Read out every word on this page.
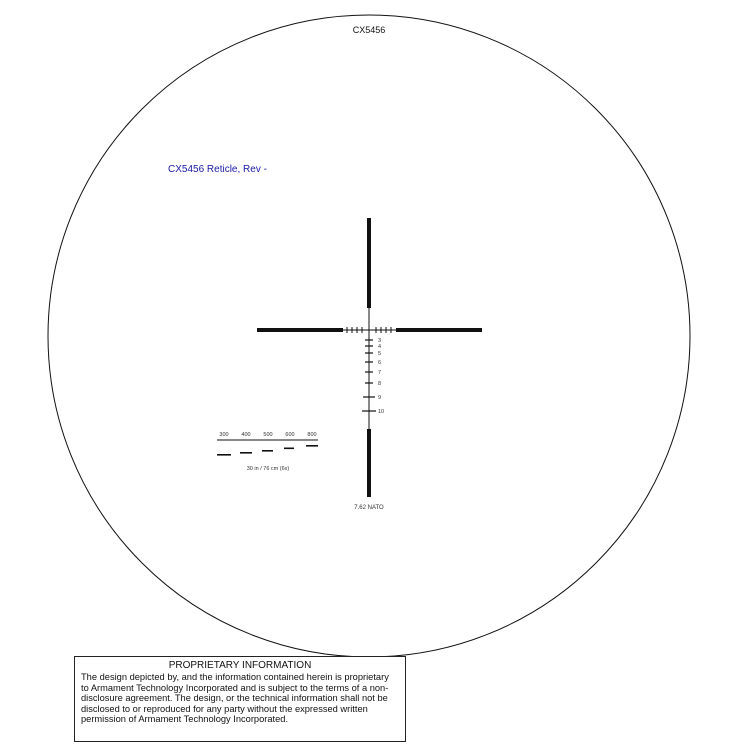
CX5456
CX5456 Reticle, Rev -
3
4
5
6
7
8
9
10
7.62 NATO
300 400 500 600 800
30 in / 76 cm (6x)
PROPRIETARY INFORMATION
The design depicted by, and the information contained herein is proprietary to Armament Technology Incorporated and is subject to the terms of a non-disclosure agreement. The design, or the technical information shall not be disclosed to or reproduced for any party without the expressed written permission of Armament Technology Incorporated.
